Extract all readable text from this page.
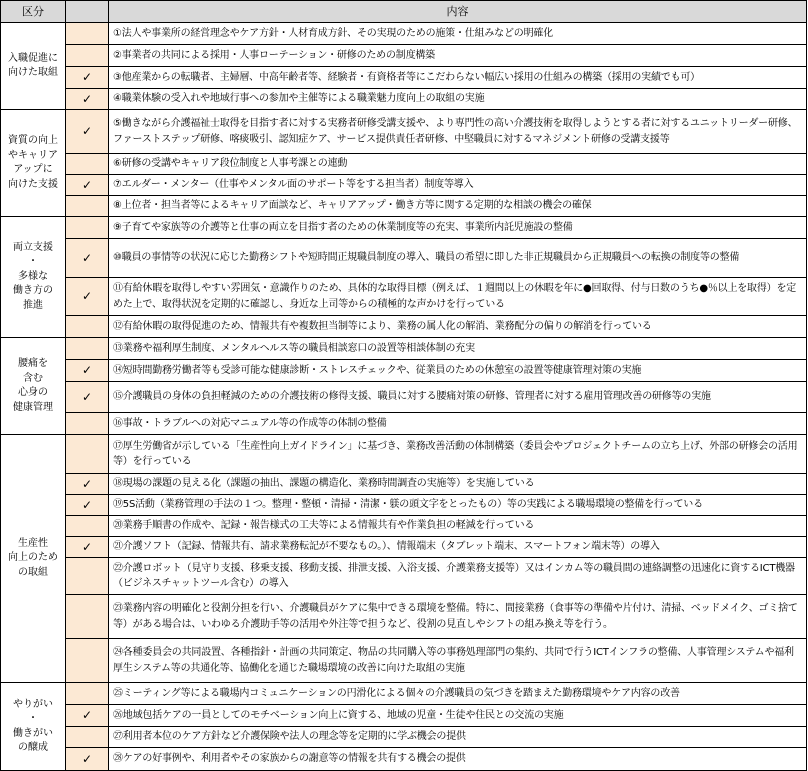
区分		内容

入職促進に
向けた取組		①法人や事業所の経営理念やケア方針・人材育成方針、その実現のための施策・仕組みなどの明確化
		②事業者の共同による採用・人事ローテーション・研修のための制度構築
	✓	③他産業からの転職者、主婦層、中高年齢者等、経験者・有資格者等にこだわらない幅広い採用の仕組みの構築（採用の実績でも可）
	✓	④職業体験の受入れや地域行事への参加や主催等による職業魅力度向上の取組の実施

資質の向上
やキャリア
アップに
向けた支援	✓	⑤働きながら介護福祉士取得を目指す者に対する実務者研修受講支援や、より専門性の高い介護技術を取得しようとする者に対するユニットリーダー研修、ファーストステップ研修、喀痰吸引、認知症ケア、サービス提供責任者研修、中堅職員に対するマネジメント研修の受講支援等
		⑥研修の受講やキャリア段位制度と人事考課との連動
	✓	⑦エルダー・メンター（仕事やメンタル面のサポート等をする担当者）制度等導入
		⑧上位者・担当者等によるキャリア面談など、キャリアアップ・働き方等に関する定期的な相談の機会の確保

両立支援
・
多様な
働き方の
推進		⑨子育てや家族等の介護等と仕事の両立を目指す者のための休業制度等の充実、事業所内託児施設の整備
	✓	⑩職員の事情等の状況に応じた勤務シフトや短時間正規職員制度の導入、職員の希望に即した非正規職員から正規職員への転換の制度等の整備
	✓	⑪有給休暇を取得しやすい雰囲気・意識作りのため、具体的な取得目標（例えば、１週間以上の休暇を年に●回取得、付与日数のうち●％以上を取得）を定めた上で、取得状況を定期的に確認し、身近な上司等からの積極的な声かけを行っている
		⑫有給休暇の取得促進のため、情報共有や複数担当制等により、業務の属人化の解消、業務配分の偏りの解消を行っている

腰痛を
含む
心身の
健康管理		⑬業務や福利厚生制度、メンタルヘルス等の職員相談窓口の設置等相談体制の充実
	✓	⑭短時間勤務労働者等も受診可能な健康診断・ストレスチェックや、従業員のための休憩室の設置等健康管理対策の実施
	✓	⑮介護職員の身体の負担軽減のための介護技術の修得支援、職員に対する腰痛対策の研修、管理者に対する雇用管理改善の研修等の実施
		⑯事故・トラブルへの対応マニュアル等の作成等の体制の整備

生産性
向上のため
の取組		⑰厚生労働省が示している「生産性向上ガイドライン」に基づき、業務改善活動の体制構築（委員会やプロジェクトチームの立ち上げ、外部の研修会の活用等）を行っている
	✓	⑱現場の課題の見える化（課題の抽出、課題の構造化、業務時間調査の実施等）を実施している
	✓	⑲5S活動（業務管理の手法の１つ。整理・整頓・清掃・清潔・躾の頭文字をとったもの）等の実践による職場環境の整備を行っている
		⑳業務手順書の作成や、記録・報告様式の工夫等による情報共有や作業負担の軽減を行っている
	✓	㉑介護ソフト（記録、情報共有、請求業務転記が不要なもの。）、情報端末（タブレット端末、スマートフォン端末等）の導入
		㉒介護ロボット（見守り支援、移乗支援、移動支援、排泄支援、入浴支援、介護業務支援等）又はインカム等の職員間の連絡調整の迅速化に資するICT機器（ビジネスチャットツール含む）の導入
		㉓業務内容の明確化と役割分担を行い、介護職員がケアに集中できる環境を整備。特に、間接業務（食事等の準備や片付け、清掃、ベッドメイク、ゴミ捨て等）がある場合は、いわゆる介護助手等の活用や外注等で担うなど、役割の見直しやシフトの組み換え等を行う。
		㉔各種委員会の共同設置、各種指針・計画の共同策定、物品の共同購入等の事務処理部門の集約、共同で行うICTインフラの整備、人事管理システムや福利厚生システム等の共通化等、協働化を通じた職場環境の改善に向けた取組の実施

やりがい
・
働きがい
の醸成		㉕ミーティング等による職場内コミュニケーションの円滑化による個々の介護職員の気づきを踏まえた勤務環境やケア内容の改善
	✓	㉖地域包括ケアの一員としてのモチベーション向上に資する、地域の児童・生徒や住民との交流の実施
		㉗利用者本位のケア方針など介護保険や法人の理念等を定期的に学ぶ機会の提供
	✓	㉘ケアの好事例や、利用者やその家族からの謝意等の情報を共有する機会の提供
